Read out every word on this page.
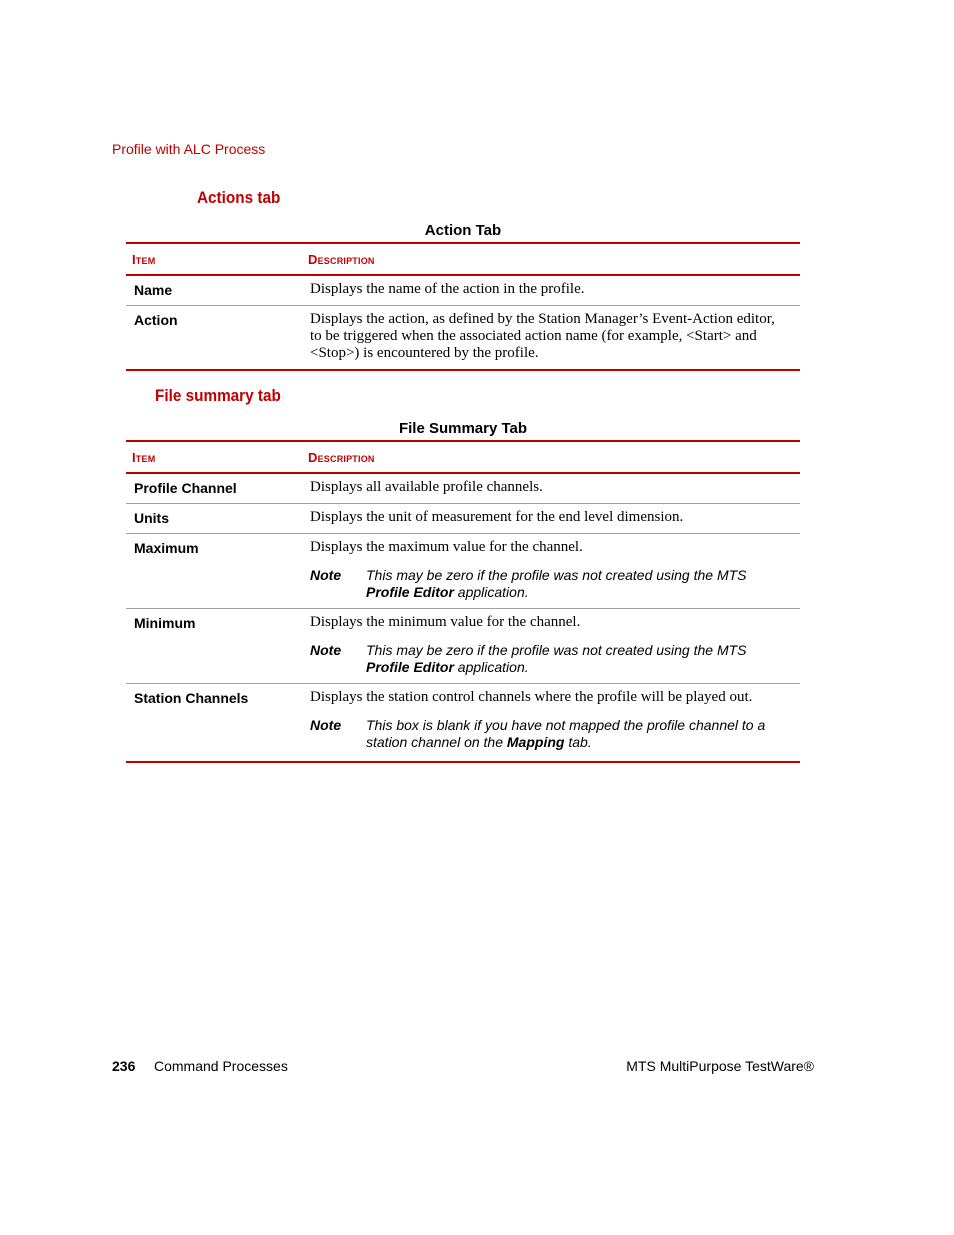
Profile with ALC Process
Actions tab
Action Tab
Item	Description
Name	Displays the name of the action in the profile.
Action	Displays the action, as defined by the Station Manager’s Event-Action editor, to be triggered when the associated action name (for example, <Start> and <Stop>) is encountered by the profile.
File summary tab
File Summary Tab
Item	Description
Profile Channel	Displays all available profile channels.
Units	Displays the unit of measurement for the end level dimension.
Maximum	Displays the maximum value for the channel.
Note This may be zero if the profile was not created using the MTS Profile Editor application.

Minimum	Displays the minimum value for the channel.
Note This may be zero if the profile was not created using the MTS Profile Editor application.

Station Channels	Displays the station control channels where the profile will be played out.
Note This box is blank if you have not mapped the profile channel to a station channel on the Mapping tab.
236 Command Processes	MTS MultiPurpose TestWare®
